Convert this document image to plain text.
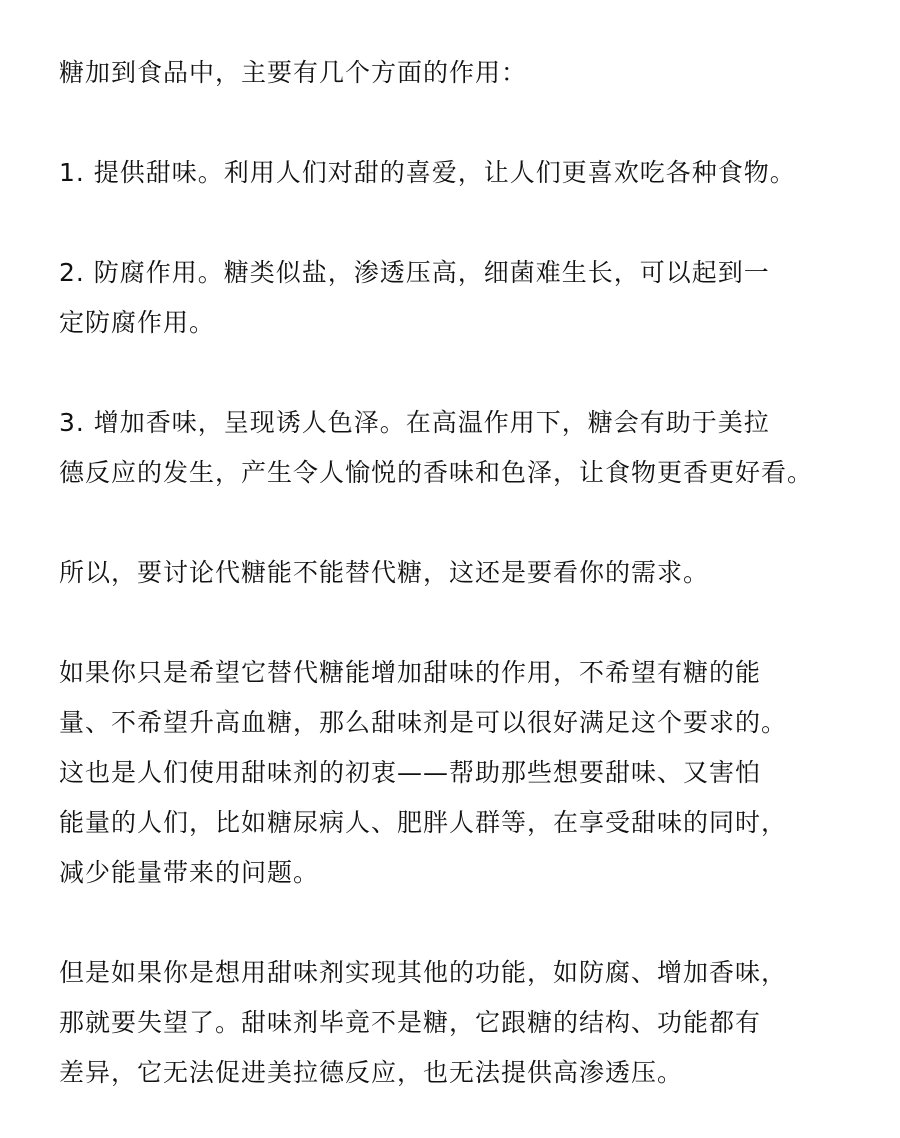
糖加到食品中，主要有几个方面的作用：

1. 提供甜味。利用人们对甜的喜爱，让人们更喜欢吃各种食物。

2. 防腐作用。糖类似盐，渗透压高，细菌难生长，可以起到一
定防腐作用。

3. 增加香味，呈现诱人色泽。在高温作用下，糖会有助于美拉
德反应的发生，产生令人愉悦的香味和色泽，让食物更香更好看。

所以，要讨论代糖能不能替代糖，这还是要看你的需求。

如果你只是希望它替代糖能增加甜味的作用，不希望有糖的能
量、不希望升高血糖，那么甜味剂是可以很好满足这个要求的。
这也是人们使用甜味剂的初衷——帮助那些想要甜味、又害怕
能量的人们，比如糖尿病人、肥胖人群等，在享受甜味的同时，
减少能量带来的问题。

但是如果你是想用甜味剂实现其他的功能，如防腐、增加香味，
那就要失望了。甜味剂毕竟不是糖，它跟糖的结构、功能都有
差异，它无法促进美拉德反应，也无法提供高渗透压。
